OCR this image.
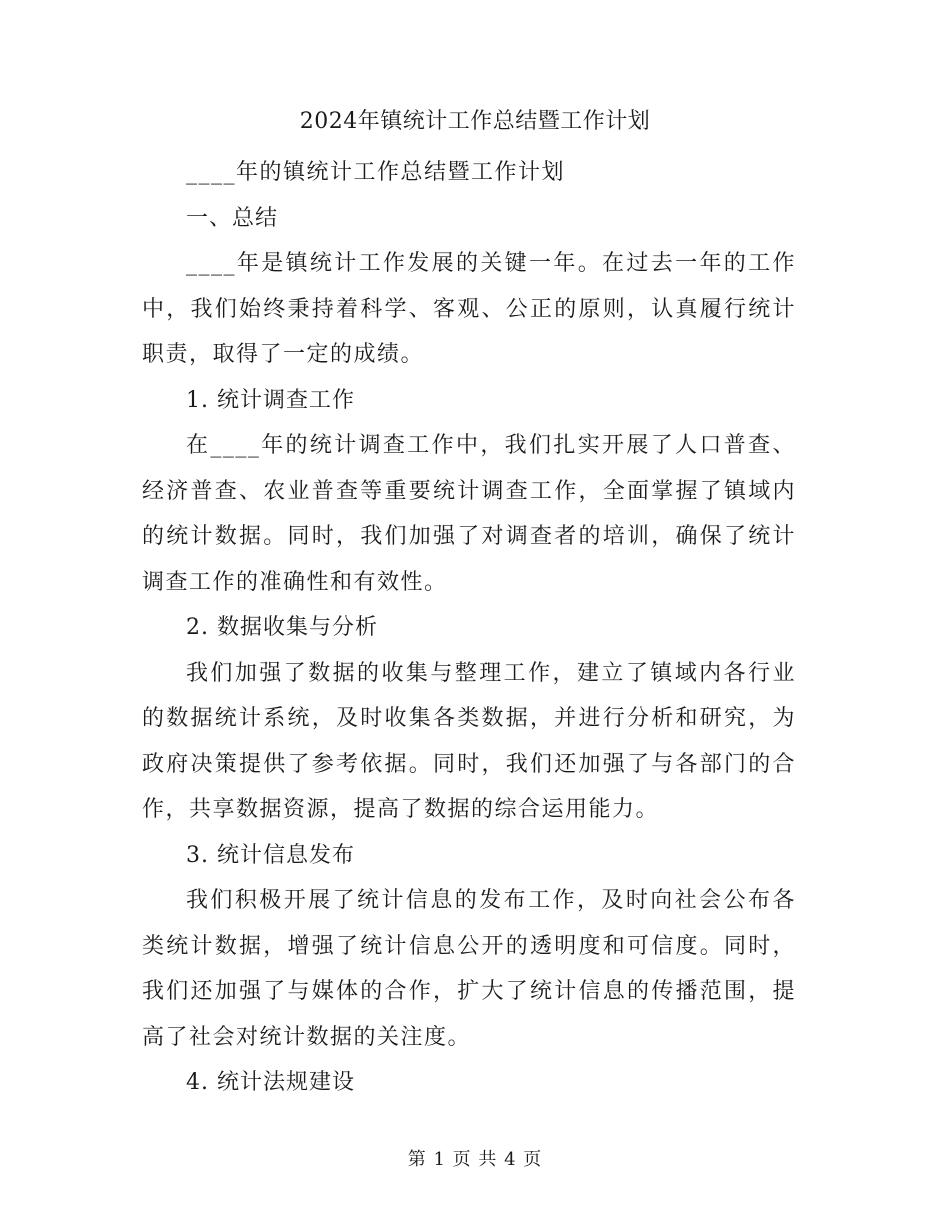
2024年镇统计工作总结暨工作计划

____年的镇统计工作总结暨工作计划

一、总结

____年是镇统计工作发展的关键一年。在过去一年的工作中，我们始终秉持着科学、客观、公正的原则，认真履行统计职责，取得了一定的成绩。

1. 统计调查工作

在____年的统计调查工作中，我们扎实开展了人口普查、经济普查、农业普查等重要统计调查工作，全面掌握了镇域内的统计数据。同时，我们加强了对调查者的培训，确保了统计调查工作的准确性和有效性。

2. 数据收集与分析

我们加强了数据的收集与整理工作，建立了镇域内各行业的数据统计系统，及时收集各类数据，并进行分析和研究，为政府决策提供了参考依据。同时，我们还加强了与各部门的合作，共享数据资源，提高了数据的综合运用能力。

3. 统计信息发布

我们积极开展了统计信息的发布工作，及时向社会公布各类统计数据，增强了统计信息公开的透明度和可信度。同时，我们还加强了与媒体的合作，扩大了统计信息的传播范围，提高了社会对统计数据的关注度。

4. 统计法规建设

第 1 页 共 4 页
